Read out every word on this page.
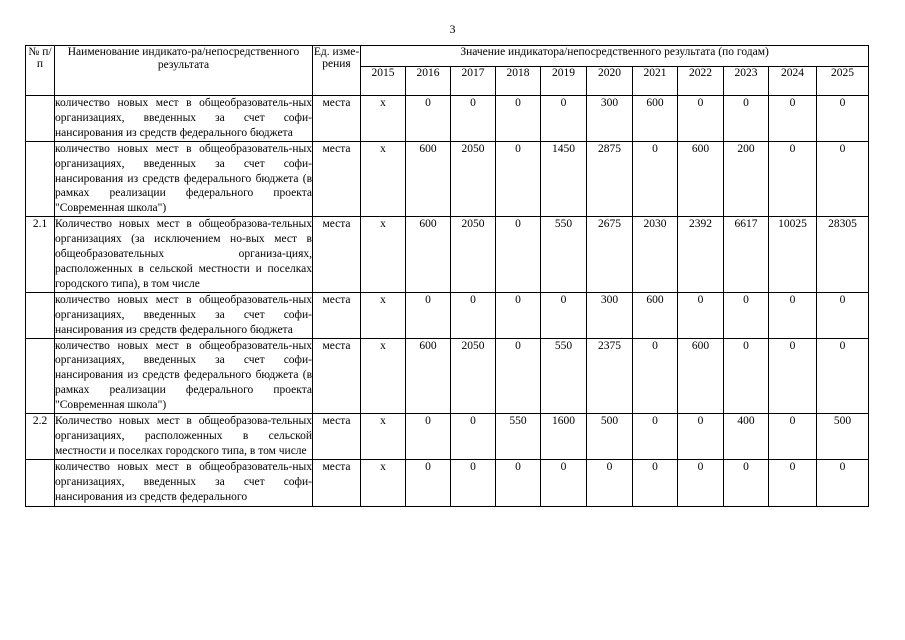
3
№ п/п	Наименование индикато-ра/непосредственного результата	Ед. изме-рения	Значение индикатора/непосредственного результата (по годам)										
			2015	2016	2017	2018	2019	2020	2021	2022	2023	2024	2025
	количество новых мест в общеобразователь-ных организациях, введенных за счет софи-нансирования из средств федерального бюджета	места	x	0	0	0	0	300	600	0	0	0	0
	количество новых мест в общеобразователь-ных организациях, введенных за счет софи-нансирования из средств федерального бюджета (в рамках реализации федерального проекта "Современная школа")	места	x	600	2050	0	1450	2875	0	600	200	0	0
2.1	Количество новых мест в общеобразова-тельных организациях (за исключением но-вых мест в общеобразовательных организа-циях, расположенных в сельской местности и поселках городского типа), в том числе	места	x	600	2050	0	550	2675	2030	2392	6617	10025	28305
	количество новых мест в общеобразователь-ных организациях, введенных за счет софи-нансирования из средств федерального бюджета	места	x	0	0	0	0	300	600	0	0	0	0
	количество новых мест в общеобразователь-ных организациях, введенных за счет софи-нансирования из средств федерального бюджета (в рамках реализации федерального проекта "Современная школа")	места	x	600	2050	0	550	2375	0	600	0	0	0
2.2	Количество новых мест в общеобразова-тельных организациях, расположенных в сельской местности и поселках городского типа, в том числе	места	x	0	0	550	1600	500	0	0	400	0	500

	количество новых мест в общеобразователь-ных организациях, введенных за счет софи-нансирования из средств федерального	места	x	0	0	0	0	0	0	0	0	0	0
